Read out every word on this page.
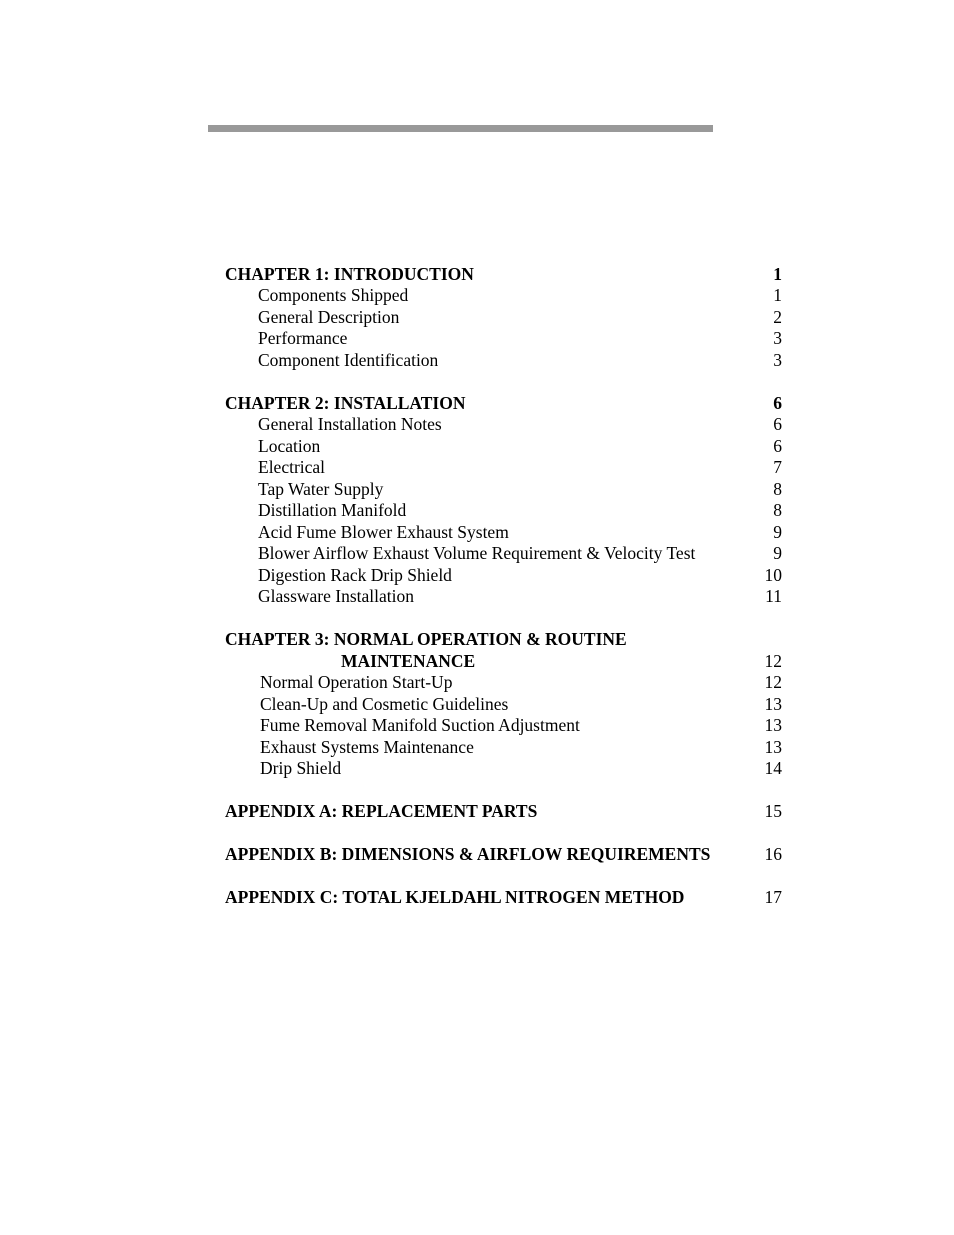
CHAPTER 1: INTRODUCTION	1
Components Shipped	1
General Description	2
Performance	3
Component Identification	3
CHAPTER 2: INSTALLATION	6
General Installation Notes	6
Location	6
Electrical	7
Tap Water Supply	8
Distillation Manifold	8
Acid Fume Blower Exhaust System	9
Blower Airflow Exhaust Volume Requirement & Velocity Test	9
Digestion Rack Drip Shield	10
Glassware Installation	11
CHAPTER 3: NORMAL OPERATION & ROUTINE
MAINTENANCE	12
Normal Operation Start-Up	12
Clean-Up and Cosmetic Guidelines	13
Fume Removal Manifold Suction Adjustment	13
Exhaust Systems Maintenance	13
Drip Shield	14
APPENDIX A: REPLACEMENT PARTS	15
APPENDIX B: DIMENSIONS & AIRFLOW REQUIREMENTS	16
APPENDIX C: TOTAL KJELDAHL NITROGEN METHOD	17
